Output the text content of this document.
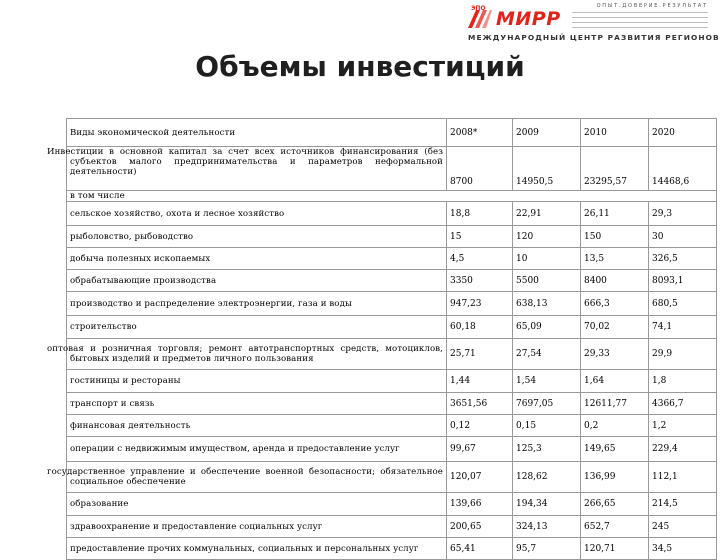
ОПЫТ.ДОВЕРИЕ.РЕЗУЛЬТАТ
ЭПО МИРР
МЕЖДУНАРОДНЫЙ ЦЕНТР РАЗВИТИЯ РЕГИОНОВ
Объемы инвестиций
Виды экономической деятельности	2008*	2009	2010	2020
Инвестиции в основной капитал за счет всех источников финансирования (без субъектов малого предпринимательства и параметров неформальной деятельности)	8700	14950,5	23295,57	14468,6
в том числе				
сельское хозяйство, охота и лесное хозяйство	18,8	22,91	26,11	29,3
рыболовство, рыбоводство	15	120	150	30
добыча полезных ископаемых	4,5	10	13,5	326,5
обрабатывающие производства	3350	5500	8400	8093,1
производство и распределение электроэнергии, газа и воды	947,23	638,13	666,3	680,5
строительство	60,18	65,09	70,02	74,1
оптовая и розничная торговля; ремонт автотранспортных средств, мотоциклов, бытовых изделий и предметов личного пользования	25,71	27,54	29,33	29,9
гостиницы и рестораны	1,44	1,54	1,64	1,8
транспорт и связь	3651,56	7697,05	12611,77	4366,7
финансовая деятельность	0,12	0,15	0,2	1,2
операции с недвижимым имуществом, аренда и предоставление услуг	99,67	125,3	149,65	229,4
государственное управление и обеспечение военной безопасности; обязательное социальное обеспечение	120,07	128,62	136,99	112,1
образование	139,66	194,34	266,65	214,5
здравоохранение и предоставление социальных услуг	200,65	324,13	652,7	245
предоставление прочих коммунальных, социальных и персональных услуг	65,41	95,7	120,71	34,5
